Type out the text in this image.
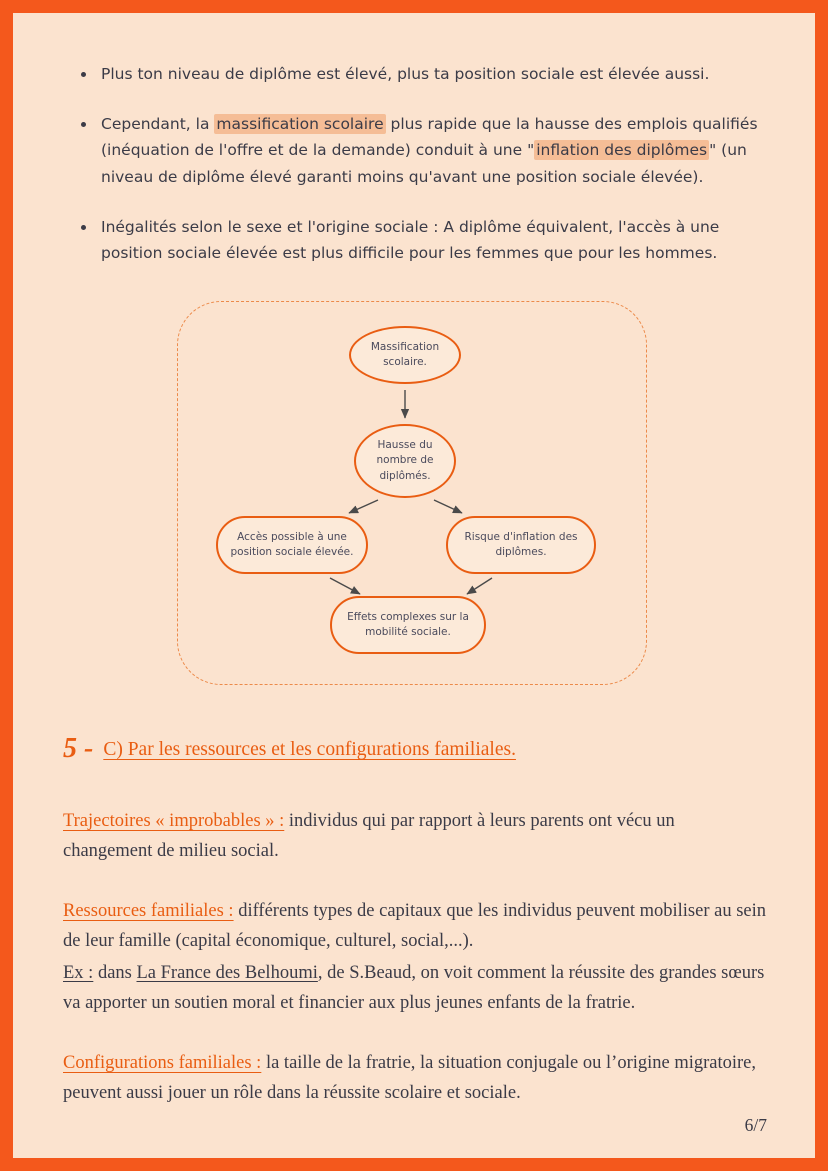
• Plus ton niveau de diplôme est élevé, plus ta position sociale est élevée aussi.
• Cependant, la massification scolaire plus rapide que la hausse des emplois qualifiés (inéquation de l'offre et de la demande) conduit à une " inflation des diplômes " (un niveau de diplôme élevé garanti moins qu'avant une position sociale élevée).
• Inégalités selon le sexe et l'origine sociale : A diplôme équivalent, l'accès à une position sociale élevée est plus difficile pour les femmes que pour les hommes.
Massification scolaire.
Hausse du nombre de diplômés.
Accès possible à une position sociale élevée.
Risque d'inflation des diplômes.
Effets complexes sur la mobilité sociale.
5 - C) Par les ressources et les configurations familiales.

Trajectoires « improbables » : individus qui par rapport à leurs parents ont vécu un changement de milieu social.

Ressources familiales : différents types de capitaux que les individus peuvent mobiliser au sein de leur famille (capital économique, culturel, social,...).

Ex : dans La France des Belhoumi, de S.Beaud, on voit comment la réussite des grandes sœurs va apporter un soutien moral et financier aux plus jeunes enfants de la fratrie.

Configurations familiales : la taille de la fratrie, la situation conjugale ou l’origine migratoire, peuvent aussi jouer un rôle dans la réussite scolaire et sociale.

6/7
